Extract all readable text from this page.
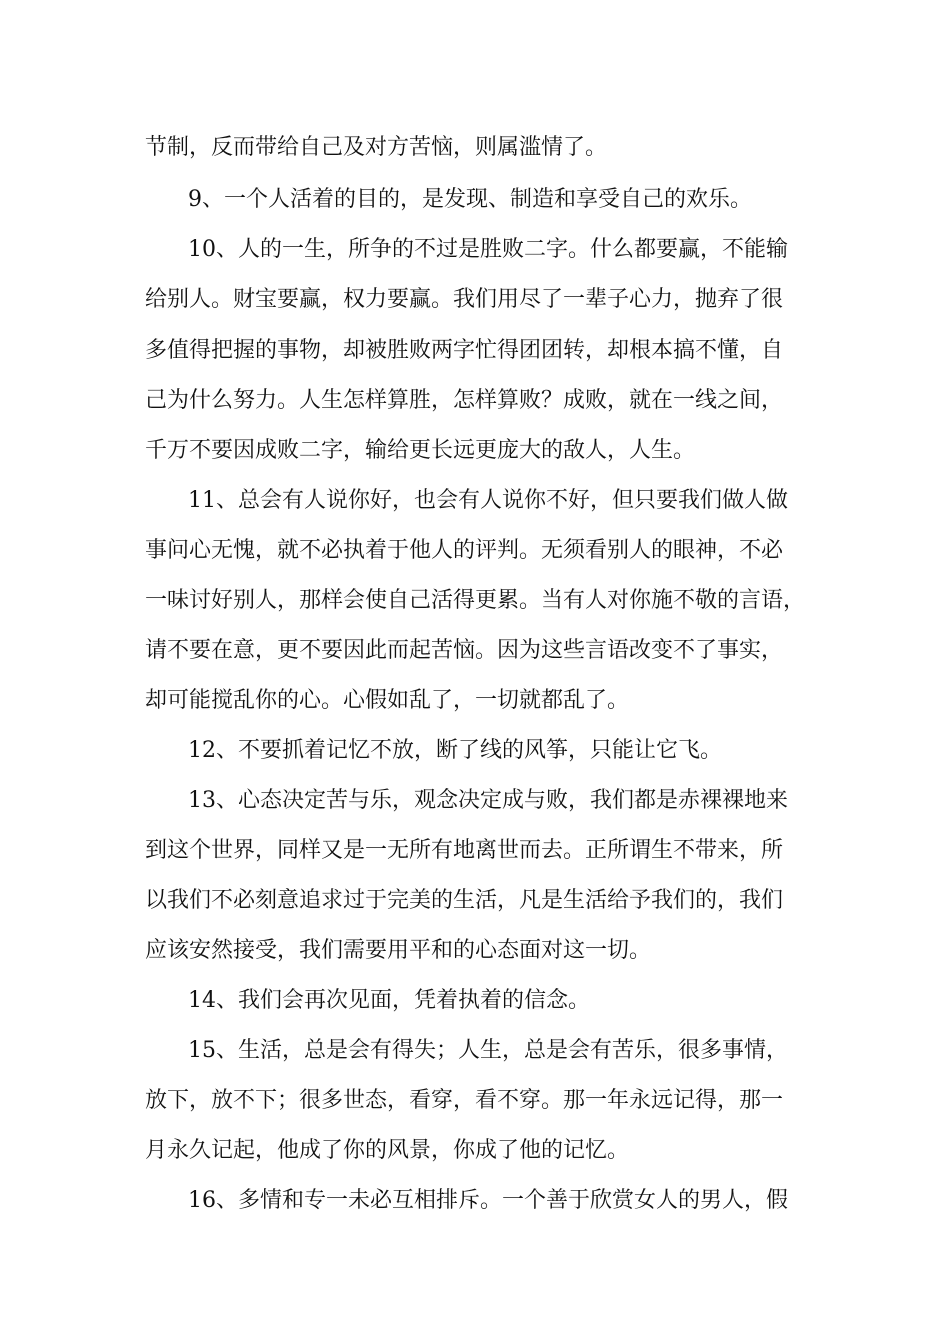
节制，反而带给自己及对方苦恼，则属滥情了。

9、一个人活着的目的，是发现、制造和享受自己的欢乐。

10、人的一生，所争的不过是胜败二字。什么都要赢，不能输

给别人。财宝要赢，权力要赢。我们用尽了一辈子心力，抛弃了很

多值得把握的事物，却被胜败两字忙得团团转，却根本搞不懂，自

己为什么努力。人生怎样算胜，怎样算败？成败，就在一线之间，

千万不要因成败二字，输给更长远更庞大的敌人，人生。

11、总会有人说你好，也会有人说你不好，但只要我们做人做

事问心无愧，就不必执着于他人的评判。无须看别人的眼神，不必

一味讨好别人，那样会使自己活得更累。当有人对你施不敬的言语，

请不要在意，更不要因此而起苦恼。因为这些言语改变不了事实，

却可能搅乱你的心。心假如乱了，一切就都乱了。

12、不要抓着记忆不放，断了线的风筝，只能让它飞。

13、心态决定苦与乐，观念决定成与败，我们都是赤裸裸地来

到这个世界，同样又是一无所有地离世而去。正所谓生不带来，所

以我们不必刻意追求过于完美的生活，凡是生活给予我们的，我们

应该安然接受，我们需要用平和的心态面对这一切。

14、我们会再次见面，凭着执着的信念。

15、生活，总是会有得失；人生，总是会有苦乐，很多事情，

放下，放不下；很多世态，看穿，看不穿。那一年永远记得，那一

月永久记起，他成了你的风景，你成了他的记忆。

16、多情和专一未必互相排斥。一个善于欣赏女人的男人，假
